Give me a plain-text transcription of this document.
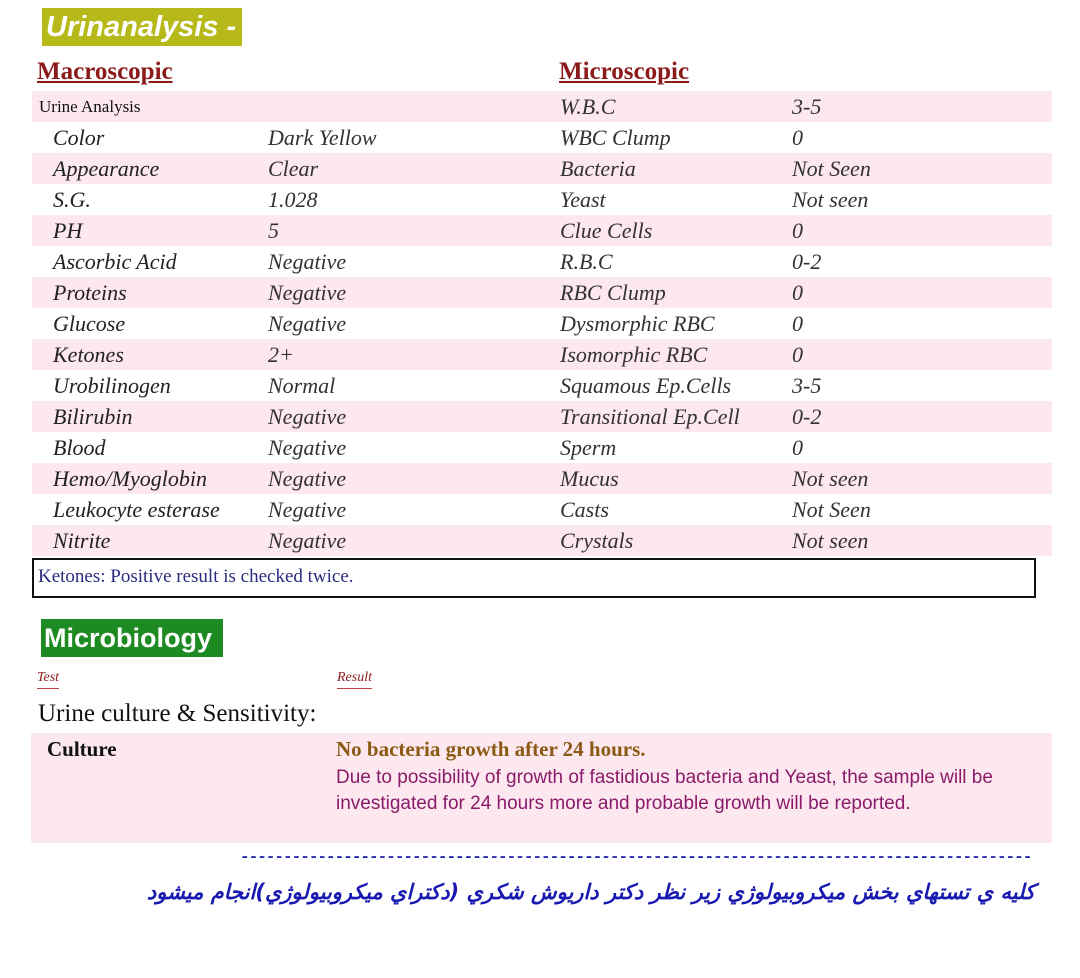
Urinanalysis -
Macroscopic	Microscopic
Urine Analysis	W.B.C	3-5
Color	Dark Yellow	WBC Clump	0
Appearance	Clear	Bacteria	Not Seen
S.G.	1.028	Yeast	Not seen
PH	5	Clue Cells	0
Ascorbic Acid	Negative	R.B.C	0-2
Proteins	Negative	RBC Clump	0
Glucose	Negative	Dysmorphic RBC	0
Ketones	2+	Isomorphic RBC	0
Urobilinogen	Normal	Squamous Ep.Cells	3-5
Bilirubin	Negative	Transitional Ep.Cell 0-2
Blood	Negative	Sperm	0
Hemo/Myoglobin	Negative	Mucus	Not seen
Leukocyte esterase Negative	Casts	Not Seen
Nitrite	Negative	Crystals	Not seen
Ketones: Positive result is checked twice.
Microbiology
Test	Result
Urine culture & Sensitivity:
Culture	No bacteria growth after 24 hours.
Due to possibility of growth of fastidious bacteria and Yeast, the sample will be investigated for 24 hours more and probable growth will be reported.
--------------------------------------------------------------------------------------------
كليه ي تستهاي بخش ميكروبيولوژي زير نظر دكتر داريوش شكري (دكتراي ميكروبيولوژي)انجام ميشود
